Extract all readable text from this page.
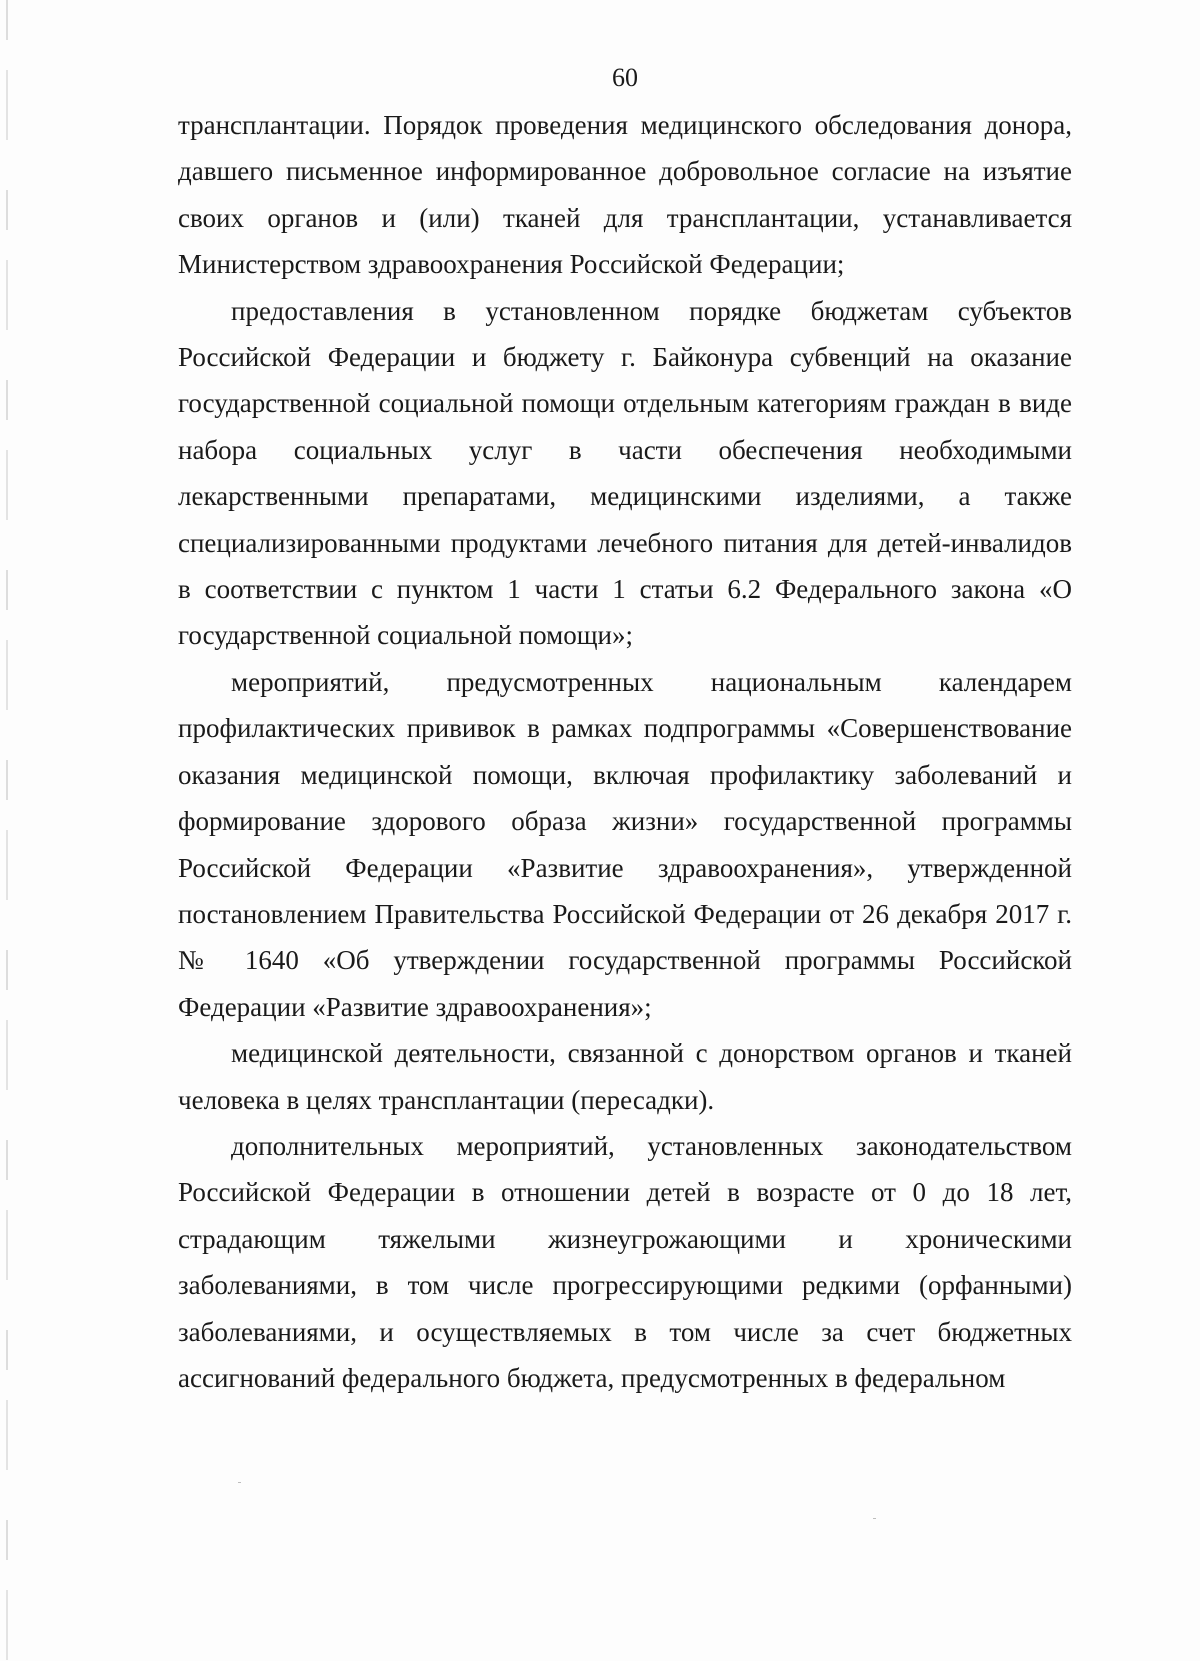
60

трансплантации. Порядок проведения медицинского обследования донора, давшего письменное информированное добровольное согласие на изъятие своих органов и (или) тканей для трансплантации, устанавливается Министерством здравоохранения Российской Федерации;

предоставления в установленном порядке бюджетам субъектов Российской Федерации и бюджету г. Байконура субвенций на оказание государственной социальной помощи отдельным категориям граждан в виде набора социальных услуг в части обеспечения необходимыми лекарственными препаратами, медицинскими изделиями, а также специализированными продуктами лечебного питания для детей-инвалидов в соответствии с пунктом 1 части 1 статьи 6.2 Федерального закона «О государственной социальной помощи»;

мероприятий, предусмотренных национальным календарем профилактических прививок в рамках подпрограммы «Совершенствование оказания медицинской помощи, включая профилактику заболеваний и формирование здорового образа жизни» государственной программы Российской Федерации «Развитие здравоохранения», утвержденной постановлением Правительства Российской Федерации от 26 декабря 2017 г. № 1640 «Об утверждении государственной программы Российской Федерации «Развитие здравоохранения»;

медицинской деятельности, связанной с донорством органов и тканей человека в целях трансплантации (пересадки).

дополнительных мероприятий, установленных законодательством Российской Федерации в отношении детей в возрасте от 0 до 18 лет, страдающим тяжелыми жизнеугрожающими и хроническими заболеваниями, в том числе прогрессирующими редкими (орфанными) заболеваниями, и осуществляемых в том числе за счет бюджетных ассигнований федерального бюджета, предусмотренных в федеральном
